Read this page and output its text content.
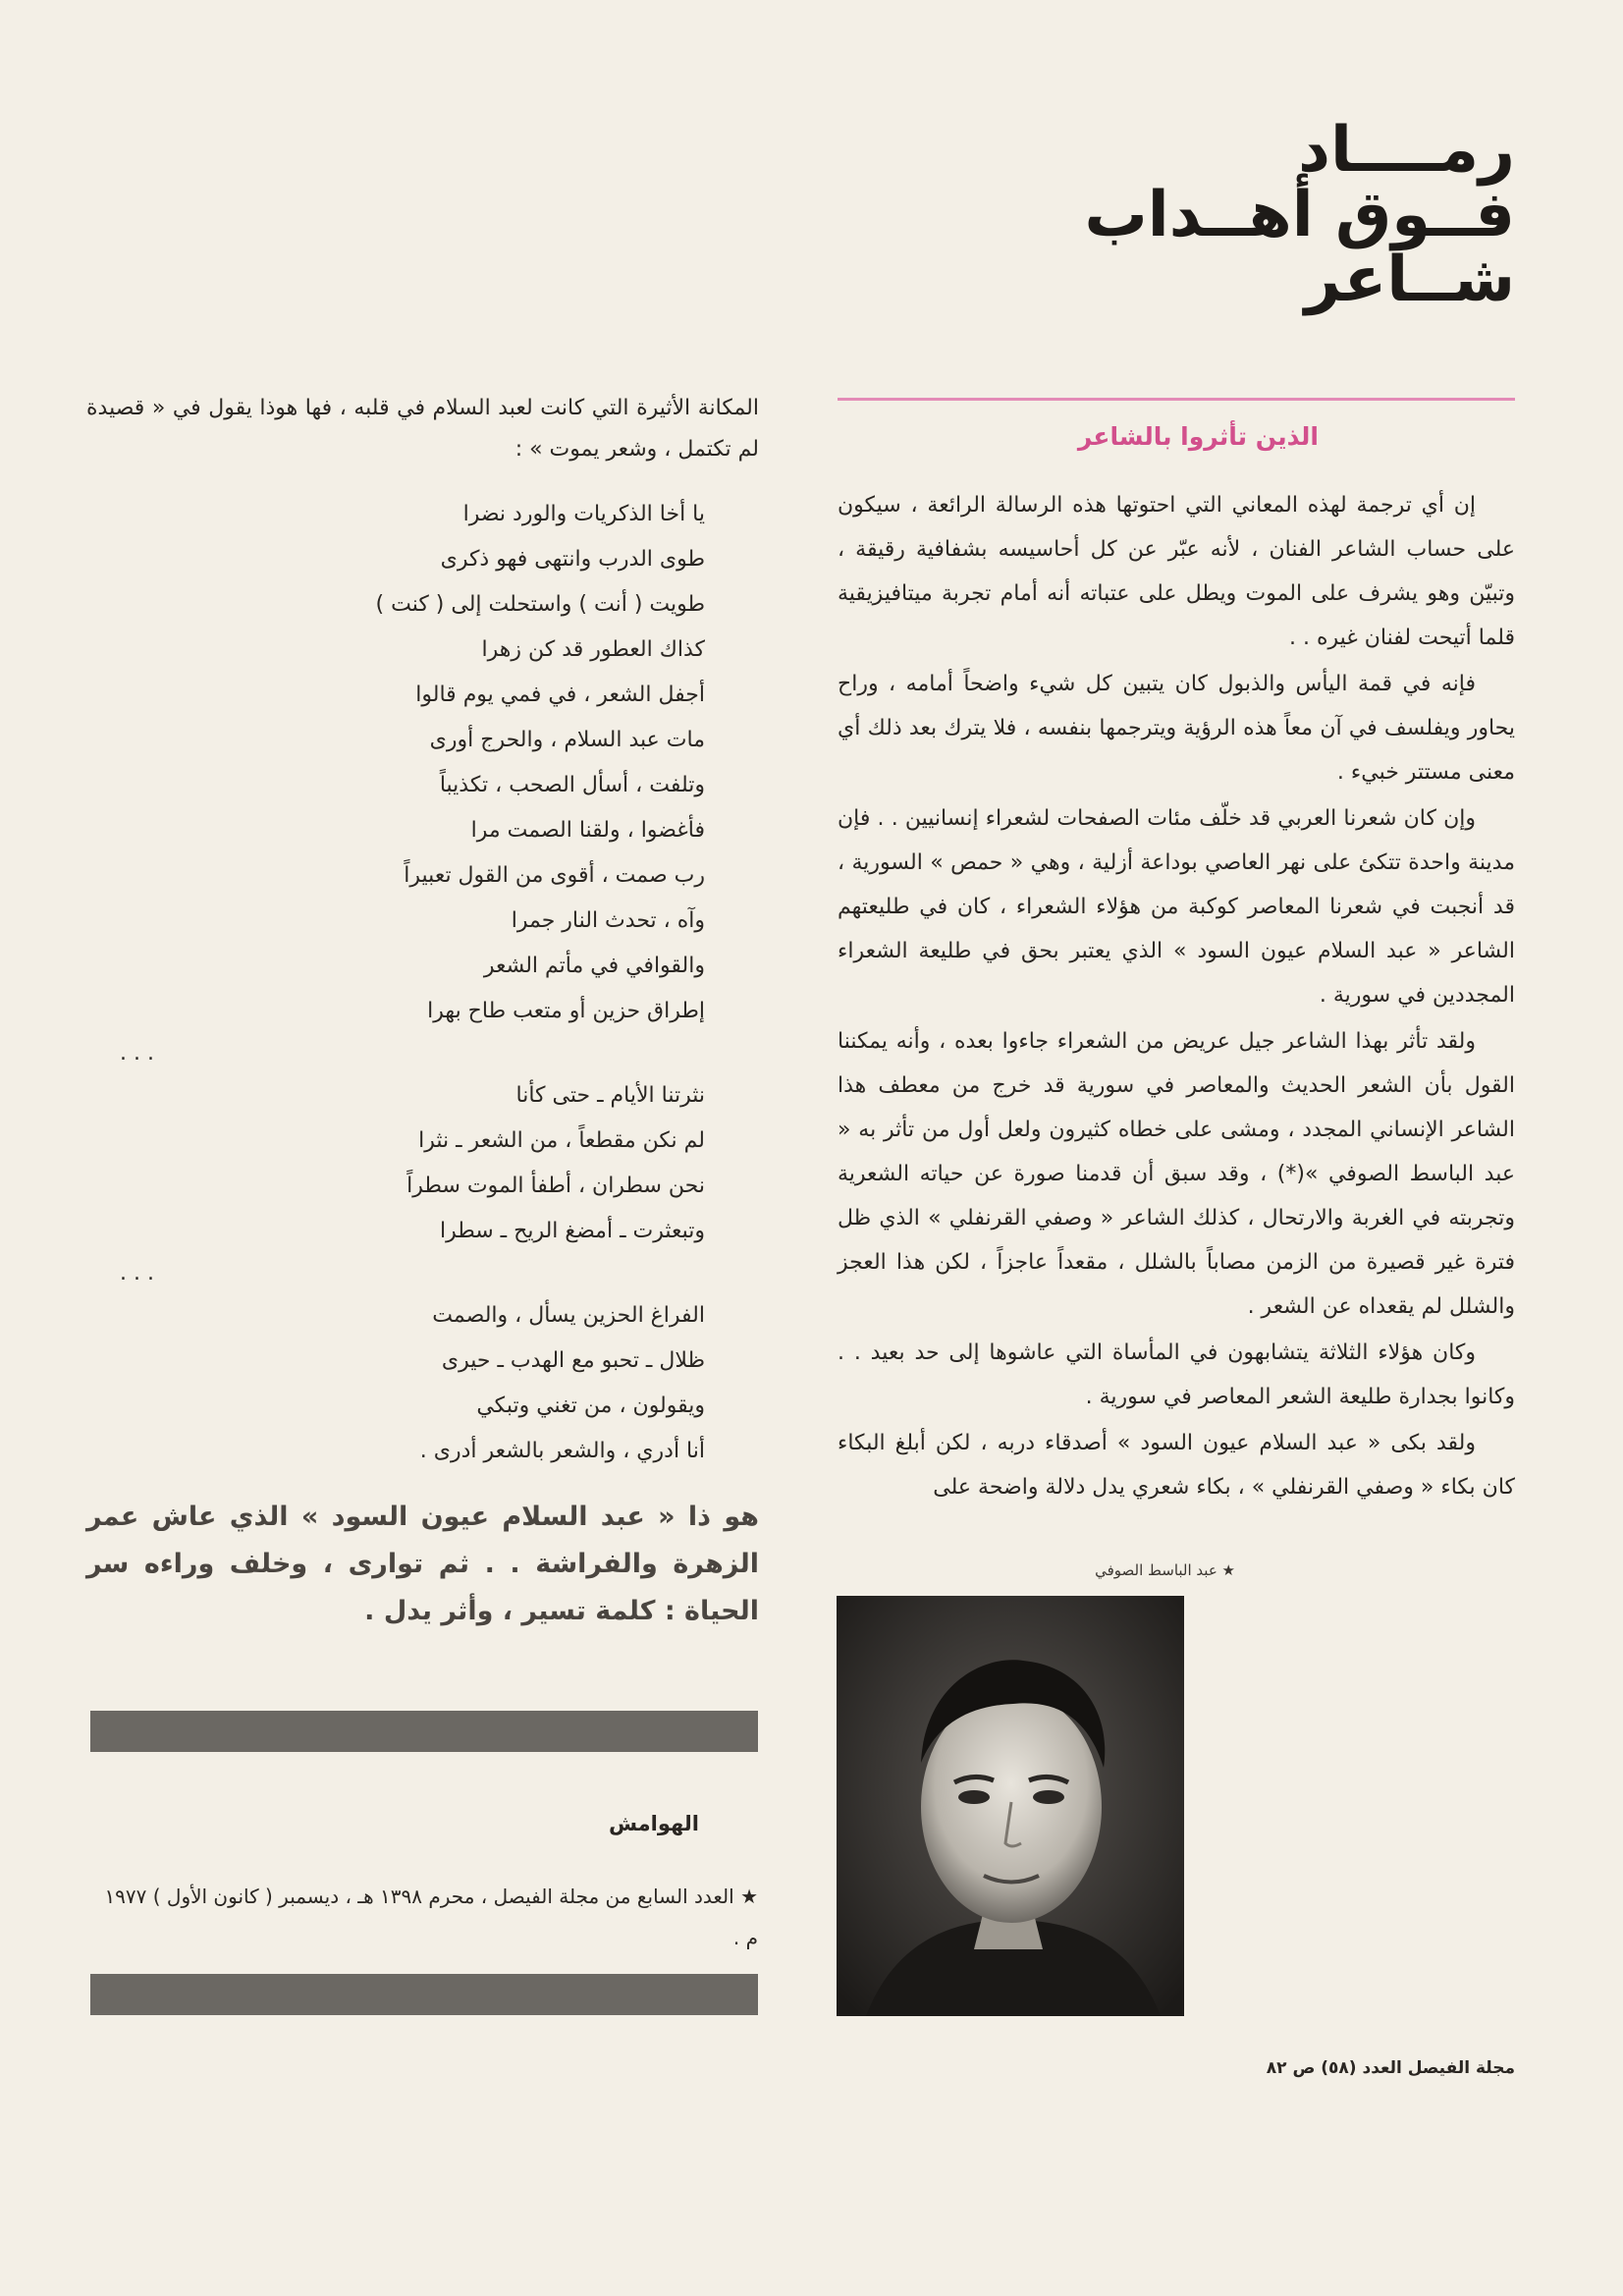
رمــــاد
فــوق أهــداب
شــاعر
الذين تأثروا بالشاعر

إن أي ترجمة لهذه المعاني التي احتوتها هذه الرسالة الرائعة ، سيكون على حساب الشاعر الفنان ، لأنه عبّر عن كل أحاسيسه بشفافية رقيقة ، وتبيّن وهو يشرف على الموت ويطل على عتباته أنه أمام تجربة ميتافيزيقية قلما أتيحت لفنان غيره . .

فإنه في قمة اليأس والذبول كان يتبين كل شيء واضحاً أمامه ، وراح يحاور ويفلسف في آن معاً هذه الرؤية ويترجمها بنفسه ، فلا يترك بعد ذلك أي معنى مستتر خبيء .

وإن كان شعرنا العربي قد خلّف مئات الصفحات لشعراء إنسانيين . . فإن مدينة واحدة تتكئ على نهر العاصي بوداعة أزلية ، وهي « حمص » السورية ، قد أنجبت في شعرنا المعاصر كوكبة من هؤلاء الشعراء ، كان في طليعتهم الشاعر « عبد السلام عيون السود » الذي يعتبر بحق في طليعة الشعراء المجددين في سورية .

ولقد تأثر بهذا الشاعر جيل عريض من الشعراء جاءوا بعده ، وأنه يمكننا القول بأن الشعر الحديث والمعاصر في سورية قد خرج من معطف هذا الشاعر الإنساني المجدد ، ومشى على خطاه كثيرون ولعل أول من تأثر به « عبد الباسط الصوفي »(*) ، وقد سبق أن قدمنا صورة عن حياته الشعرية وتجربته في الغربة والارتحال ، كذلك الشاعر « وصفي القرنفلي » الذي ظل فترة غير قصيرة من الزمن مصاباً بالشلل ، مقعداً عاجزاً ، لكن هذا العجز والشلل لم يقعداه عن الشعر .

وكان هؤلاء الثلاثة يتشابهون في المأساة التي عاشوها إلى حد بعيد . . وكانوا بجدارة طليعة الشعر المعاصر في سورية .

ولقد بكى « عبد السلام عيون السود » أصدقاء دربه ، لكن أبلغ البكاء كان بكاء « وصفي القرنفلي » ، بكاء شعري يدل دلالة واضحة على

المكانة الأثيرة التي كانت لعبد السلام في قلبه ، فها هوذا يقول في « قصيدة لم تكتمل ، وشعر يموت » :

يا أخا الذكريات والورد نضرا
طوى الدرب وانتهى فهو ذكرى
طويت ( أنت ) واستحلت إلى ( كنت )
كذاك العطور قد كن زهرا
أجفل الشعر ، في فمي يوم قالوا
مات عبد السلام ، والحرج أورى
وتلفت ، أسأل الصحب ، تكذيباً
فأغضوا ، ولقنا الصمت مرا
رب صمت ، أقوى من القول تعبيراً
وآه ، تحدث النار جمرا
والقوافي في مأتم الشعر
إطراق حزين أو متعب طاح بهرا
. . .
نثرتنا الأيام ـ حتى كأنا
لم نكن مقطعاً ، من الشعر ـ نثرا
نحن سطران ، أطفأ الموت سطراً
وتبعثرت ـ أمضغ الريح ـ سطرا
. . .
الفراغ الحزين يسأل ، والصمت
ظلال ـ تحبو مع الهدب ـ حيرى
ويقولون ، من تغني وتبكي
أنا أدري ، والشعر بالشعر أدرى .

هو ذا « عبد السلام عيون السود » الذي عاش عمر الزهرة والفراشة . . ثم توارى ، وخلف وراءه سر الحياة : كلمة تسير ، وأثر يدل .

الهوامش
★ العدد السابع من مجلة الفيصل ، محرم ١٣٩٨ هـ ، ديسمبر ( كانون الأول ) ١٩٧٧ م .
★ عبد الباسط الصوفي
مجلة الفيصل العدد (٥٨) ص ٨٢
